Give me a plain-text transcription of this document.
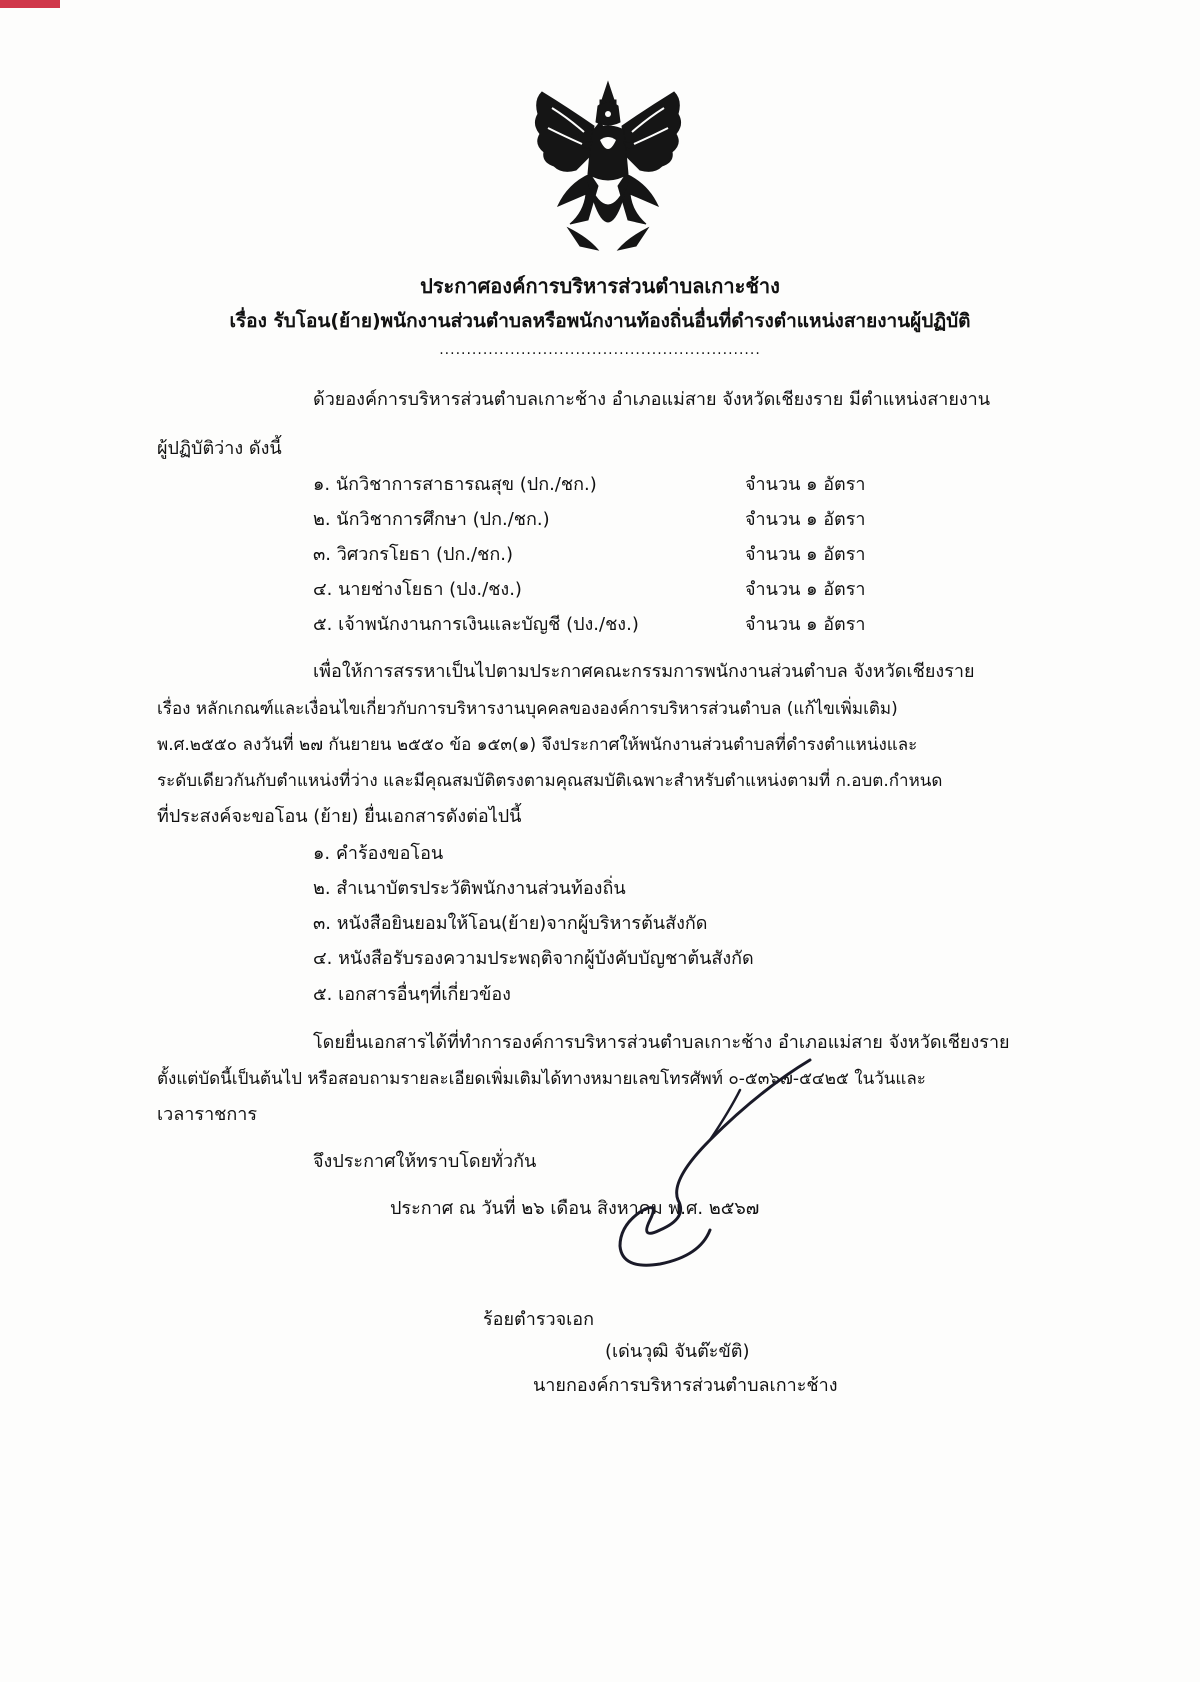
ประกาศองค์การบริหารส่วนตำบลเกาะช้าง
เรื่อง รับโอน(ย้าย)พนักงานส่วนตำบลหรือพนักงานท้องถิ่นอื่นที่ดำรงตำแหน่งสายงานผู้ปฏิบัติ
...........................................................
ด้วยองค์การบริหารส่วนตำบลเกาะช้าง อำเภอแม่สาย จังหวัดเชียงราย มีตำแหน่งสายงาน
ผู้ปฏิบัติว่าง ดังนี้
๑. นักวิชาการสาธารณสุข (ปก./ชก.)	จำนวน ๑ อัตรา
๒. นักวิชาการศึกษา (ปก./ชก.)	จำนวน ๑ อัตรา
๓. วิศวกรโยธา (ปก./ชก.)	จำนวน ๑ อัตรา
๔. นายช่างโยธา (ปง./ชง.)	จำนวน ๑ อัตรา
๕. เจ้าพนักงานการเงินและบัญชี (ปง./ชง.)	จำนวน ๑ อัตรา
เพื่อให้การสรรหาเป็นไปตามประกาศคณะกรรมการพนักงานส่วนตำบล จังหวัดเชียงราย
เรื่อง หลักเกณฑ์และเงื่อนไขเกี่ยวกับการบริหารงานบุคคลขององค์การบริหารส่วนตำบล (แก้ไขเพิ่มเติม)
พ.ศ.๒๕๕๐ ลงวันที่ ๒๗ กันยายน ๒๕๕๐ ข้อ ๑๕๓(๑) จึงประกาศให้พนักงานส่วนตำบลที่ดำรงตำแหน่งและ
ระดับเดียวกันกับตำแหน่งที่ว่าง และมีคุณสมบัติตรงตามคุณสมบัติเฉพาะสำหรับตำแหน่งตามที่ ก.อบต.กำหนด
ที่ประสงค์จะขอโอน (ย้าย) ยื่นเอกสารดังต่อไปนี้
๑. คำร้องขอโอน
๒. สำเนาบัตรประวัติพนักงานส่วนท้องถิ่น
๓. หนังสือยินยอมให้โอน(ย้าย)จากผู้บริหารต้นสังกัด
๔. หนังสือรับรองความประพฤติจากผู้บังคับบัญชาต้นสังกัด
๕. เอกสารอื่นๆที่เกี่ยวข้อง
โดยยื่นเอกสารได้ที่ทำการองค์การบริหารส่วนตำบลเกาะช้าง อำเภอแม่สาย จังหวัดเชียงราย
ตั้งแต่บัดนี้เป็นต้นไป หรือสอบถามรายละเอียดเพิ่มเติมได้ทางหมายเลขโทรศัพท์ ๐-๕๓๖๗-๕๔๒๕ ในวันและ
เวลาราชการ
จึงประกาศให้ทราบโดยทั่วกัน
ประกาศ ณ วันที่ ๒๖ เดือน สิงหาคม พ.ศ. ๒๕๖๗
ร้อยตำรวจเอก
(เด่นวุฒิ จันต๊ะขัติ)
นายกองค์การบริหารส่วนตำบลเกาะช้าง
